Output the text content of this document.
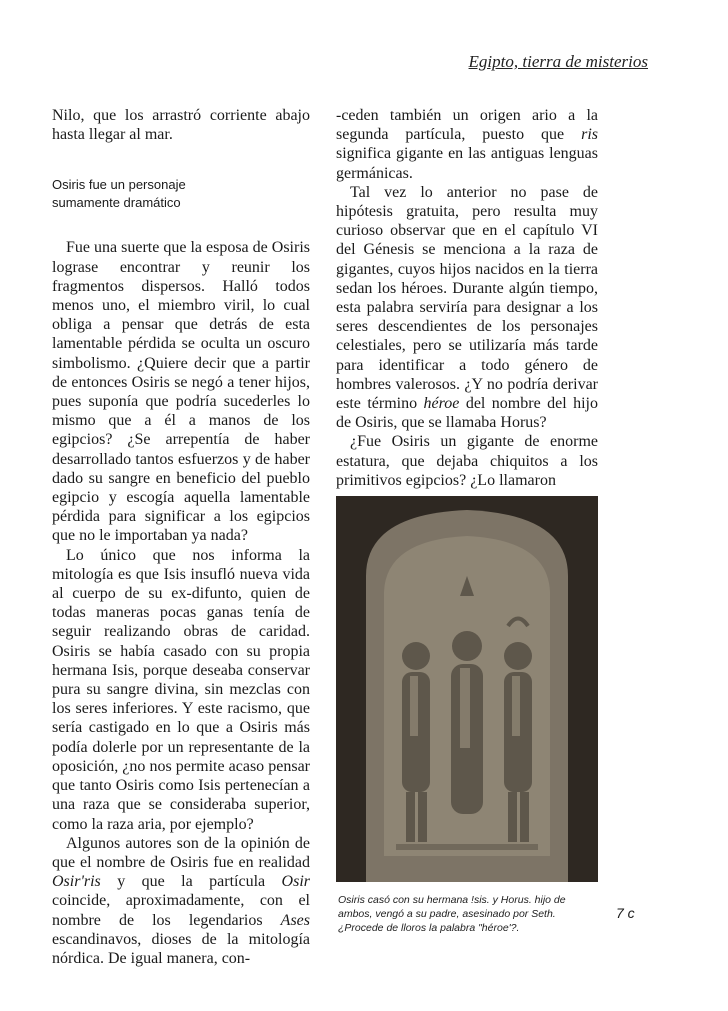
Egipto, tierra de misterios

Nilo, que los arrastró corriente abajo hasta llegar al mar.

Osiris fue un personaje
sumamente dramático

Fue una suerte que la esposa de Osiris lograse encontrar y reunir los fragmentos dispersos. Halló todos menos uno, el miembro viril, lo cual obliga a pensar que detrás de esta lamentable pérdida se oculta un oscuro simbolismo. ¿Quiere decir que a partir de entonces Osiris se negó a tener hijos, pues suponía que podría sucederles lo mismo que a él a manos de los egipcios? ¿Se arrepentía de haber desarrollado tantos esfuerzos y de haber dado su sangre en beneficio del pueblo egipcio y escogía aquella lamentable pérdida para significar a los egipcios que no le importaban ya nada?

Lo único que nos informa la mitología es que Isis insufló nueva vida al cuerpo de su ex-difunto, quien de todas maneras pocas ganas tenía de seguir realizando obras de caridad. Osiris se había casado con su propia hermana Isis, porque deseaba conservar pura su sangre divina, sin mezclas con los seres inferiores. Y este racismo, que sería castigado en lo que a Osiris más podía dolerle por un representante de la oposición, ¿no nos permite acaso pensar que tanto Osiris como Isis pertenecían a una raza que se consideraba superior, como la raza aria, por ejemplo?

Algunos autores son de la opinión de que el nombre de Osiris fue en realidad Osir'ris y que la partícula Osir coincide, aproximadamente, con el nombre de los legendarios Ases escandinavos, dioses de la mitología nórdica. De igual manera, con-

-ceden también un origen ario a la segunda partícula, puesto que ris significa gigante en las antiguas lenguas germánicas.

Tal vez lo anterior no pase de hipótesis gratuita, pero resulta muy curioso observar que en el capítulo VI del Génesis se menciona a la raza de gigantes, cuyos hijos nacidos en la tierra sedan los héroes. Durante algún tiempo, esta palabra serviría para designar a los seres descendientes de los personajes celestiales, pero se utilizaría más tarde para identificar a todo género de hombres valerosos. ¿Y no podría derivar este término héroe del nombre del hijo de Osiris, que se llamaba Horus?

¿Fue Osiris un gigante de enorme estatura, que dejaba chiquitos a los primitivos egipcios? ¿Lo llamaron

Osiris casó con su hermana !sis. y Horus. hijo de ambos, vengó a su padre, asesinado por Seth. ¿Procede de lloros la palabra "héroe'?.
7 c
